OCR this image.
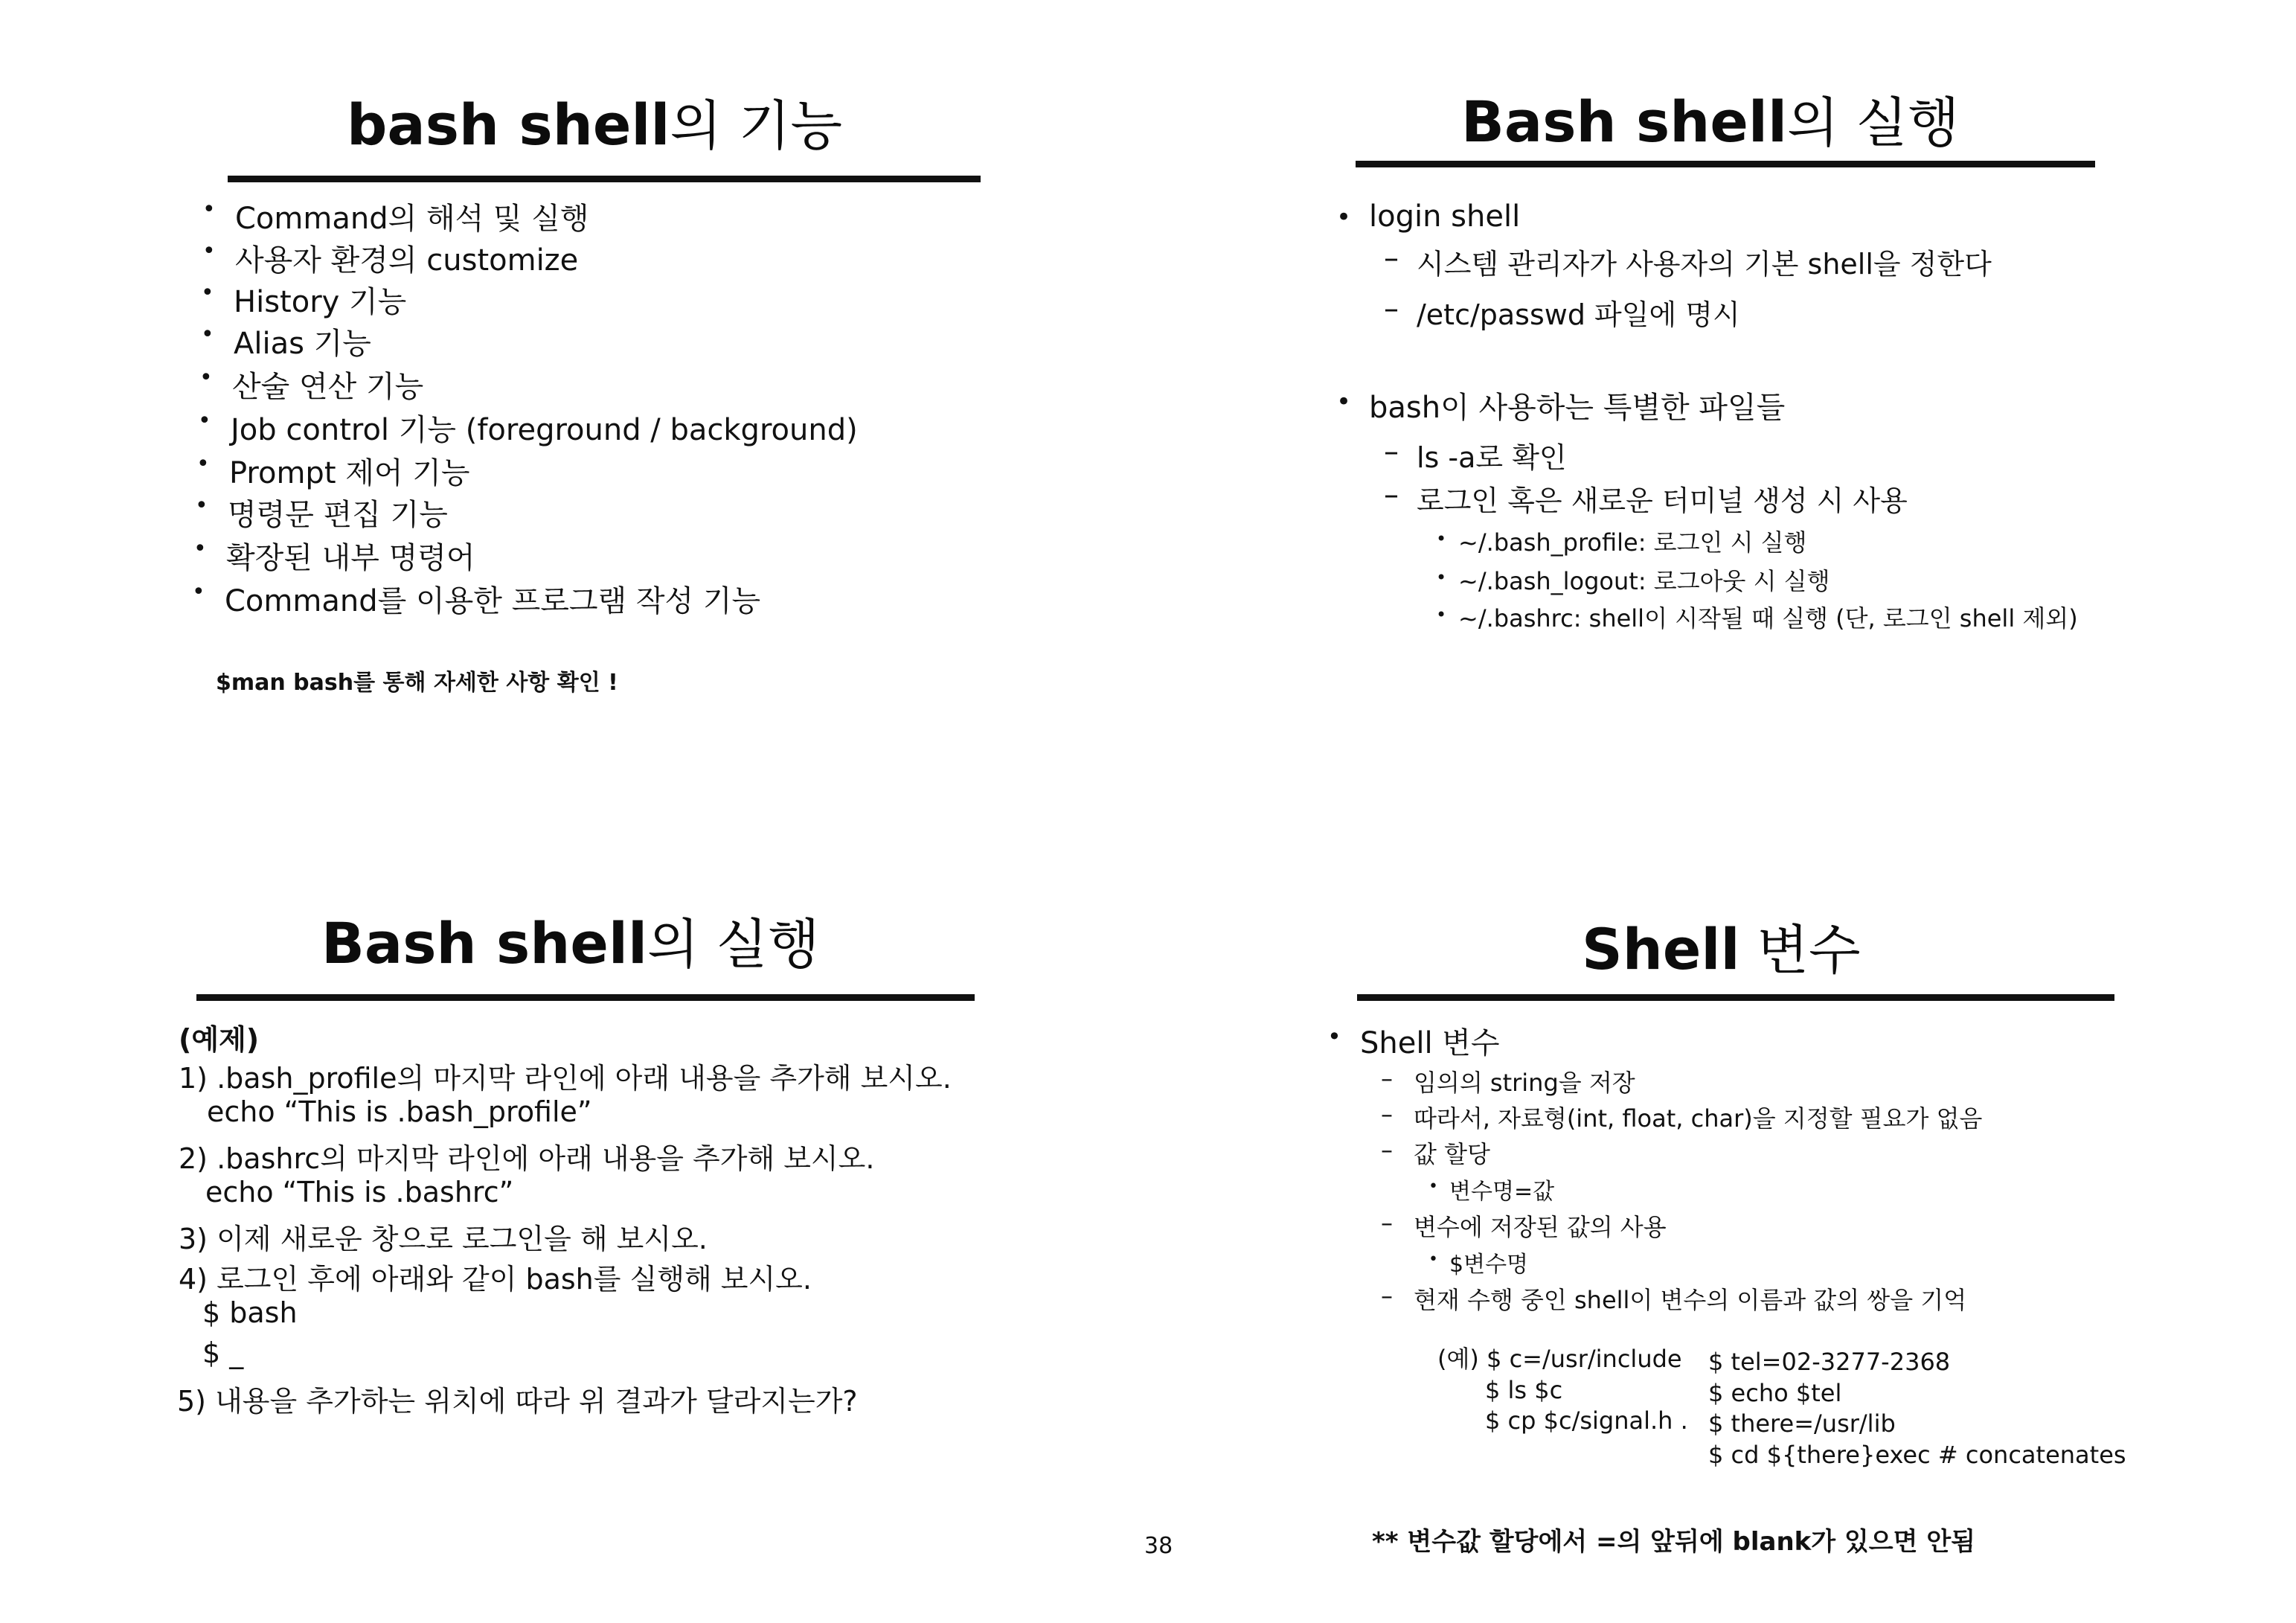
bash shell의 기능
• Command의 해석 및 실행
• 사용자 환경의 customize
• History 기능
• Alias 기능
• 산술 연산 기능
• Job control 기능 (foreground / background)
• Prompt 제어 기능
• 명령문 편집 기능
• 확장된 내부 명령어
• Command를 이용한 프로그램 작성 기능
$man bash를 통해 자세한 사항 확인 !
Bash shell의 실행
• login shell
– 시스템 관리자가 사용자의 기본 shell을 정한다
– /etc/passwd 파일에 명시
• bash이 사용하는 특별한 파일들
– ls -a로 확인
– 로그인 혹은 새로운 터미널 생성 시 사용
• ~/.bash_profile: 로그인 시 실행
• ~/.bash_logout: 로그아웃 시 실행
• ~/.bashrc: shell이 시작될 때 실행 (단, 로그인 shell 제외)
Bash shell의 실행
(예제)
1) .bash_profile의 마지막 라인에 아래 내용을 추가해 보시오.
echo “This is .bash_profile”
2) .bashrc의 마지막 라인에 아래 내용을 추가해 보시오.
echo “This is .bashrc”
3) 이제 새로운 창으로 로그인을 해 보시오.
4) 로그인 후에 아래와 같이 bash를 실행해 보시오.
$ bash
$ _
5) 내용을 추가하는 위치에 따라 위 결과가 달라지는가?
Shell 변수
• Shell 변수
– 임의의 string을 저장
– 따라서, 자료형(int, float, char)을 지정할 필요가 없음
– 값 할당
• 변수명=값
– 변수에 저장된 값의 사용
• $변수명
– 현재 수행 중인 shell이 변수의 이름과 값의 쌍을 기억
(예) $ c=/usr/include
$ ls $c
$ cp $c/signal.h .
$ tel=02-3277-2368
$ echo $tel
$ there=/usr/lib
$ cd ${there}exec # concatenates
** 변수값 할당에서 =의 앞뒤에 blank가 있으면 안됨
38
